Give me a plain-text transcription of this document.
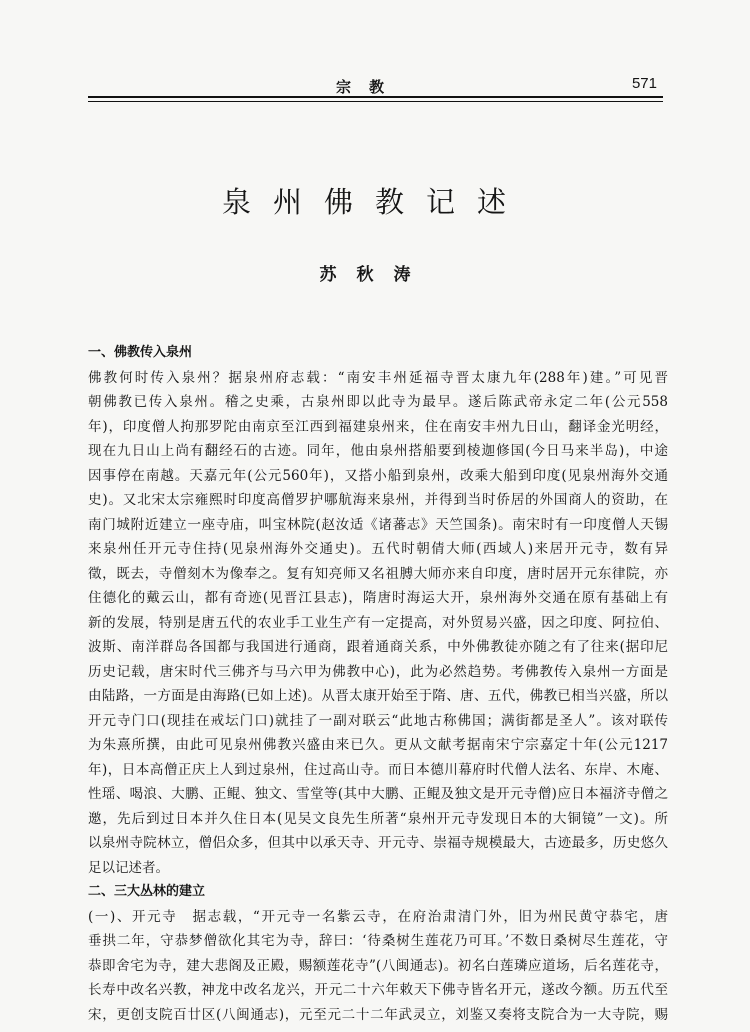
宗教	571
泉州佛教记述
苏秋涛
一、佛教传入泉州
佛教何时传入泉州？据泉州府志载：“南安丰州延福寺晋太康九年(288年)建。”可见晋
朝佛教已传入泉州。稽之史乘，古泉州即以此寺为最早。遂后陈武帝永定二年(公元558
年)，印度僧人拘那罗陀由南京至江西到福建泉州来，住在南安丰州九日山，翻译金光明经，
现在九日山上尚有翻经石的古迹。同年，他由泉州搭船要到棱迦修国(今日马来半岛)，中途
因事停在南越。天嘉元年(公元560年)，又搭小船到泉州，改乘大船到印度(见泉州海外交通
史)。又北宋太宗雍熙时印度高僧罗护哪航海来泉州，并得到当时侨居的外国商人的资助，在
南门城附近建立一座寺庙，叫宝林院(赵汝适《诸蕃志》天竺国条)。南宋时有一印度僧人天锡
来泉州任开元寺住持(见泉州海外交通史)。五代时朝倩大师(西域人)来居开元寺，数有异
徵，既去，寺僧刻木为像奉之。复有知亮师又名祖膊大师亦来自印度，唐时居开元东律院，亦
住德化的戴云山，都有奇迹(见晋江县志)，隋唐时海运大开，泉州海外交通在原有基础上有
新的发展，特别是唐五代的农业手工业生产有一定提高，对外贸易兴盛，因之印度、阿拉伯、
波斯、南洋群岛各国都与我国进行通商，跟着通商关系，中外佛教徒亦随之有了往来(据印尼
历史记载，唐宋时代三佛齐与马六甲为佛教中心)，此为必然趋势。考佛教传入泉州一方面是
由陆路，一方面是由海路(已如上述)。从晋太康开始至于隋、唐、五代，佛教已相当兴盛，所以
开元寺门口(现挂在戒坛门口)就挂了一副对联云“此地古称佛国；满街都是圣人”。该对联传
为朱熹所撰，由此可见泉州佛教兴盛由来已久。更从文献考据南宋宁宗嘉定十年(公元1217
年)，日本高僧正庆上人到过泉州，住过高山寺。而日本德川幕府时代僧人法名、东岸、木庵、
性瑶、喝浪、大鹏、正鲲、独文、雪堂等(其中大鹏、正鲲及独文是开元寺僧)应日本福济寺僧之
邀，先后到过日本并久住日本(见吴文良先生所著“泉州开元寺发现日本的大铜镜”一文)。所
以泉州寺院林立，僧侣众多，但其中以承天寺、开元寺、崇福寺规模最大，古迹最多，历史悠久
足以记述者。
二、三大丛林的建立
(一)、开元寺　据志载，“开元寺一名紫云寺，在府治肃清门外，旧为州民黄守恭宅，唐
垂拱二年，守恭梦僧欲化其宅为寺，辞曰：‘待桑树生莲花乃可耳。’不数日桑树尽生莲花，守
恭即舍宅为寺，建大悲阁及正殿，赐额莲花寺”(八闽通志)。初名白莲璘应道场，后名莲花寺，
长寿中改名兴教，神龙中改名龙兴，开元二十六年敕天下佛寺皆名开元，遂改今额。历五代至
宋，更创支院百廿区(八闽通志)，元至元二十二年武灵立，刘鉴又奏将支院合为一大寺院，赐
